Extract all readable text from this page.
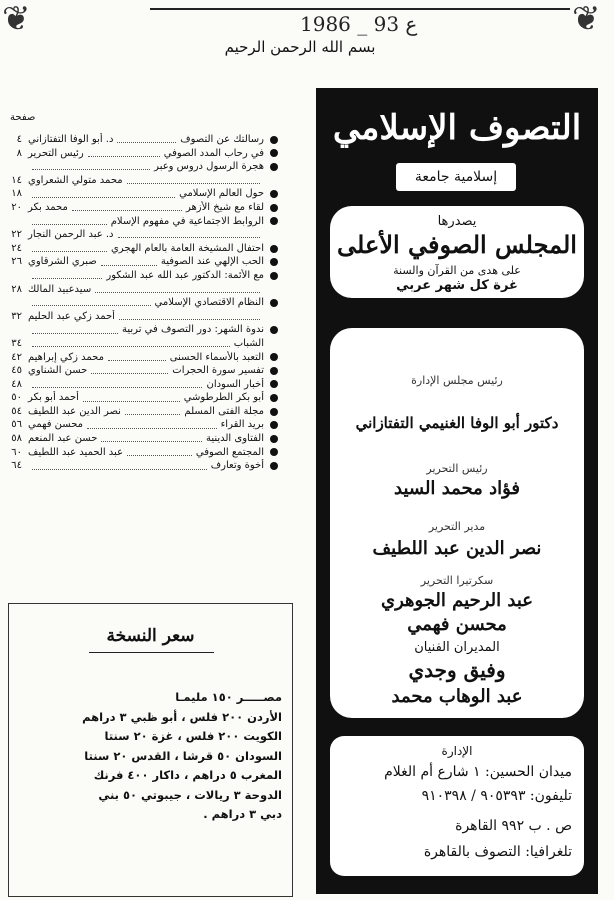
❦	❦
ع 93 _ 1986
بسم الله الرحمن الرحيم
التصوف الإسلامي
إسلامية جامعة
يصدرها
المجلس الصوفي الأعلى
على هدى من القرآن والسنة
غرة كل شهر عربي
رئيس مجلس الإدارة
دكتور أبو الوفا الغنيمي التفتازاني
رئيس التحرير
فؤاد محمد السيد
مدير التحرير
نصر الدين عبد اللطيف
سكرتيرا التحرير
عبد الرحيم الجوهري
محسن فهمي
المديران الفنيان
وفيق وجدي
عبد الوهاب محمد
الإدارة
ميدان الحسين: ١ شارع أم الغلام
تليفون: ٩٠٥٣٩٣ / ٩١٠٣٩٨
ص . ب ٩٩٢ القاهرة
تلغرافيا: التصوف بالقاهرة
صفحة
رسالتك عن التصوف
د. أبو الوفا التفتازاني
٤
في رحاب المدد الصوفي
رئيس التحرير
٨
هجرة الرسول دروس وعبر
محمد متولي الشعراوي
١٤
حول العالم الإسلامي
١٨
لقاء مع شيخ الأزهر
محمد بكر
٢٠
الروابط الاجتماعية في مفهوم الإسلام
د. عبد الرحمن النجار
٢٢
احتفال المشيخة العامة بالعام الهجري
٢٤
الحب الإلهي عند الصوفية
صبري الشرقاوي
٢٦
مع الأئمة: الدكتور عبد الله عبد الشكور
سيدعبيد المالك
٢٨
النظام الاقتصادي الإسلامي
أحمد زكي عبد الحليم
٣٢
ندوة الشهر: دور التصوف في تربية
الشباب
٣٤
التعبد بالأسماء الحسنى
محمد زكي إبراهيم
٤٢
تفسير سورة الحجرات
حسن الشناوي
٤٥
أخبار السودان
٤٨
أبو بكر الطرطوشي
أحمد أبو بكر
٥٠
مجلة الفتى المسلم
نصر الدين عبد اللطيف
٥٤
بريد القراء
محسن فهمي
٥٦
الفتاوى الدينية
حسن عبد المنعم
٥٨
المجتمع الصوفي
عبد الحميد عبد اللطيف
٦٠
أخوة وتعارف
٦٤
سعر النسخة
مصـــــر ١٥٠ مليمـا
الأردن ٢٠٠ فلس ، أبو ظبي ٣ دراهم
الكويت ٢٠٠ فلس ، غزة ٢٠ سنتا
السودان ٥٠ قرشا ، القدس ٢٠ سنتا
المغرب ٥ دراهم ، داكار ٤٠٠ فرنك
الدوحة ٣ ريالات ، جيبوتي ٥٠ بني
دبي ٣ دراهم .
